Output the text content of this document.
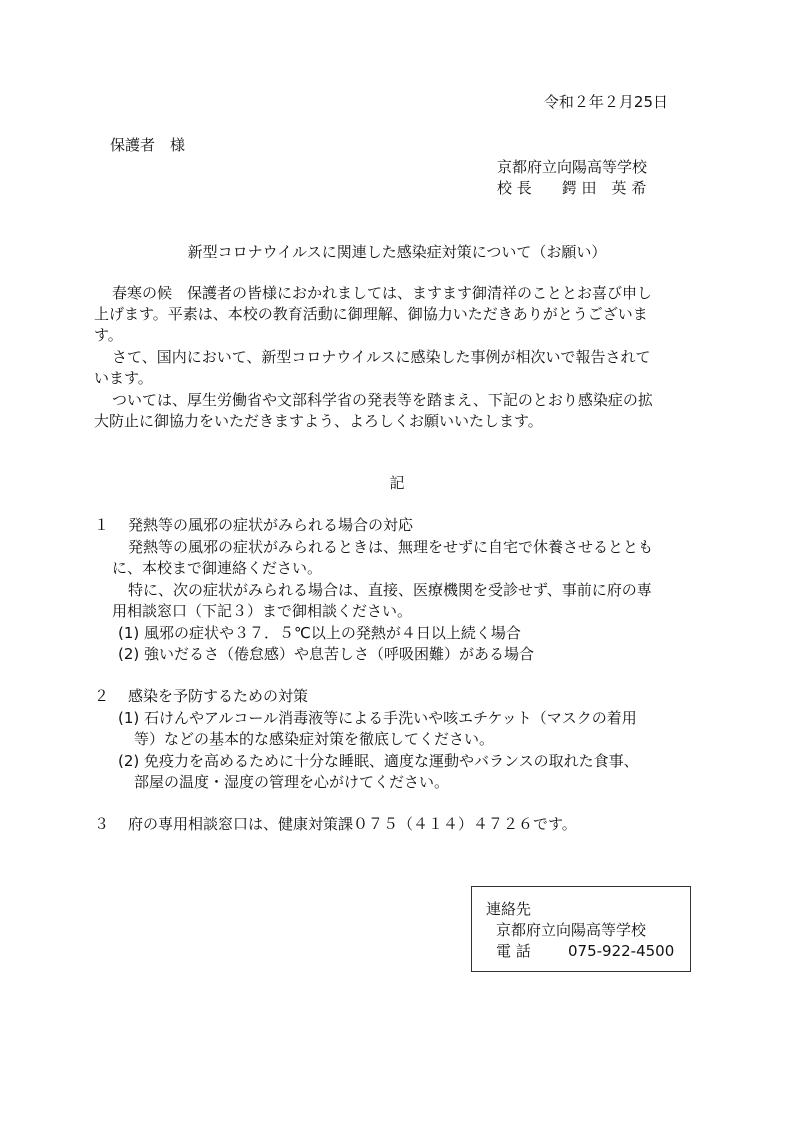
令和２年２月25日
保護者　様
京都府立向陽高等学校
校 長　　鍔 田　英 希
新型コロナウイルスに関連した感染症対策について（お願い）
春寒の候　保護者の皆様におかれましては、ますます御清祥のこととお喜び申し
上げます。平素は、本校の教育活動に御理解、御協力いただきありがとうございま
す。
さて、国内において、新型コロナウイルスに感染した事例が相次いで報告されて
います。
ついては、厚生労働省や文部科学省の発表等を踏まえ、下記のとおり感染症の拡
大防止に御協力をいただきますよう、よろしくお願いいたします。
記
１ 発熱等の風邪の症状がみられる場合の対応
発熱等の風邪の症状がみられるときは、無理をせずに自宅で休養させるととも
に、本校まで御連絡ください。
特に、次の症状がみられる場合は、直接、医療機関を受診せず、事前に府の専
用相談窓口（下記３）まで御相談ください。
(1) 風邪の症状や３７．５℃以上の発熱が４日以上続く場合
(2) 強いだるさ（倦怠感）や息苦しさ（呼吸困難）がある場合
２ 感染を予防するための対策
(1) 石けんやアルコール消毒液等による手洗いや咳エチケット（マスクの着用
等）などの基本的な感染症対策を徹底してください。
(2) 免疫力を高めるために十分な睡眠、適度な運動やバランスの取れた食事、
部屋の温度・湿度の管理を心がけてください。
３ 府の専用相談窓口は、健康対策課０７５（４１４）４７２６です。
連絡先
京都府立向陽高等学校
電 話 075-922-4500
